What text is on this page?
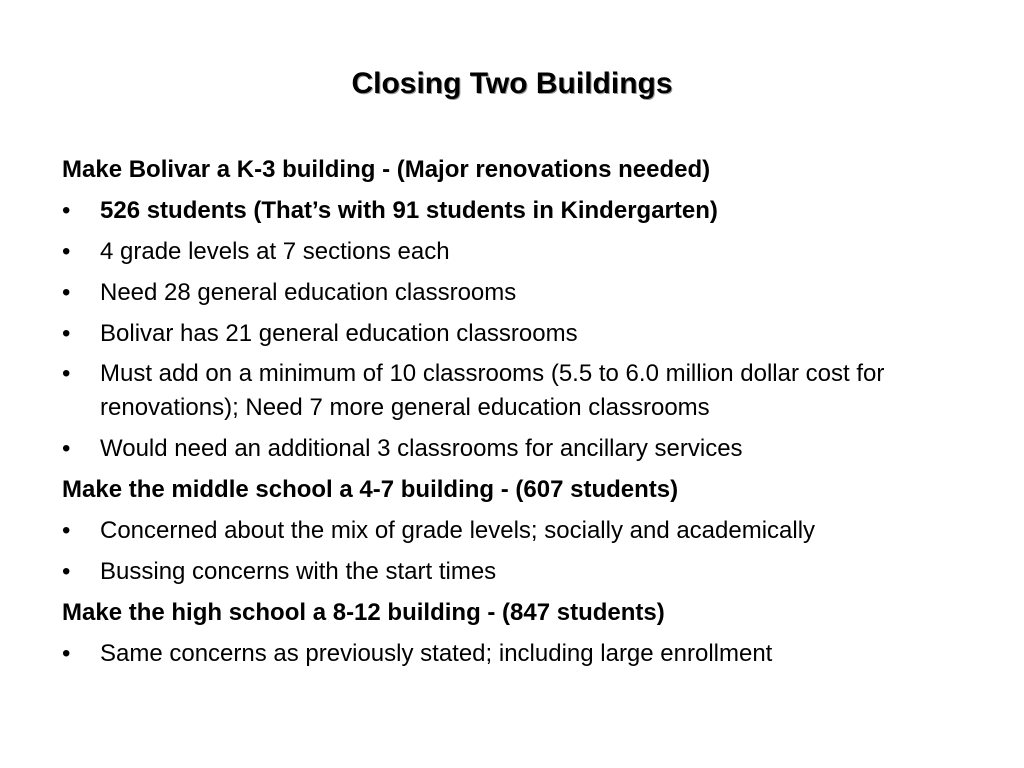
Closing Two Buildings
Make Bolivar a K-3 building - (Major renovations needed)
•	526 students (That’s with 91 students in Kindergarten)
•	4 grade levels at 7 sections each
•	Need 28 general education classrooms
•	Bolivar has 21 general education classrooms
•	Must add on a minimum of 10 classrooms (5.5 to 6.0 million dollar cost for renovations); Need 7 more general education classrooms
•	Would need an additional 3 classrooms for ancillary services
Make the middle school a 4-7 building - (607 students)
•	Concerned about the mix of grade levels; socially and academically
•	Bussing concerns with the start times
Make the high school a 8-12 building - (847 students)
•	Same concerns as previously stated; including large enrollment
